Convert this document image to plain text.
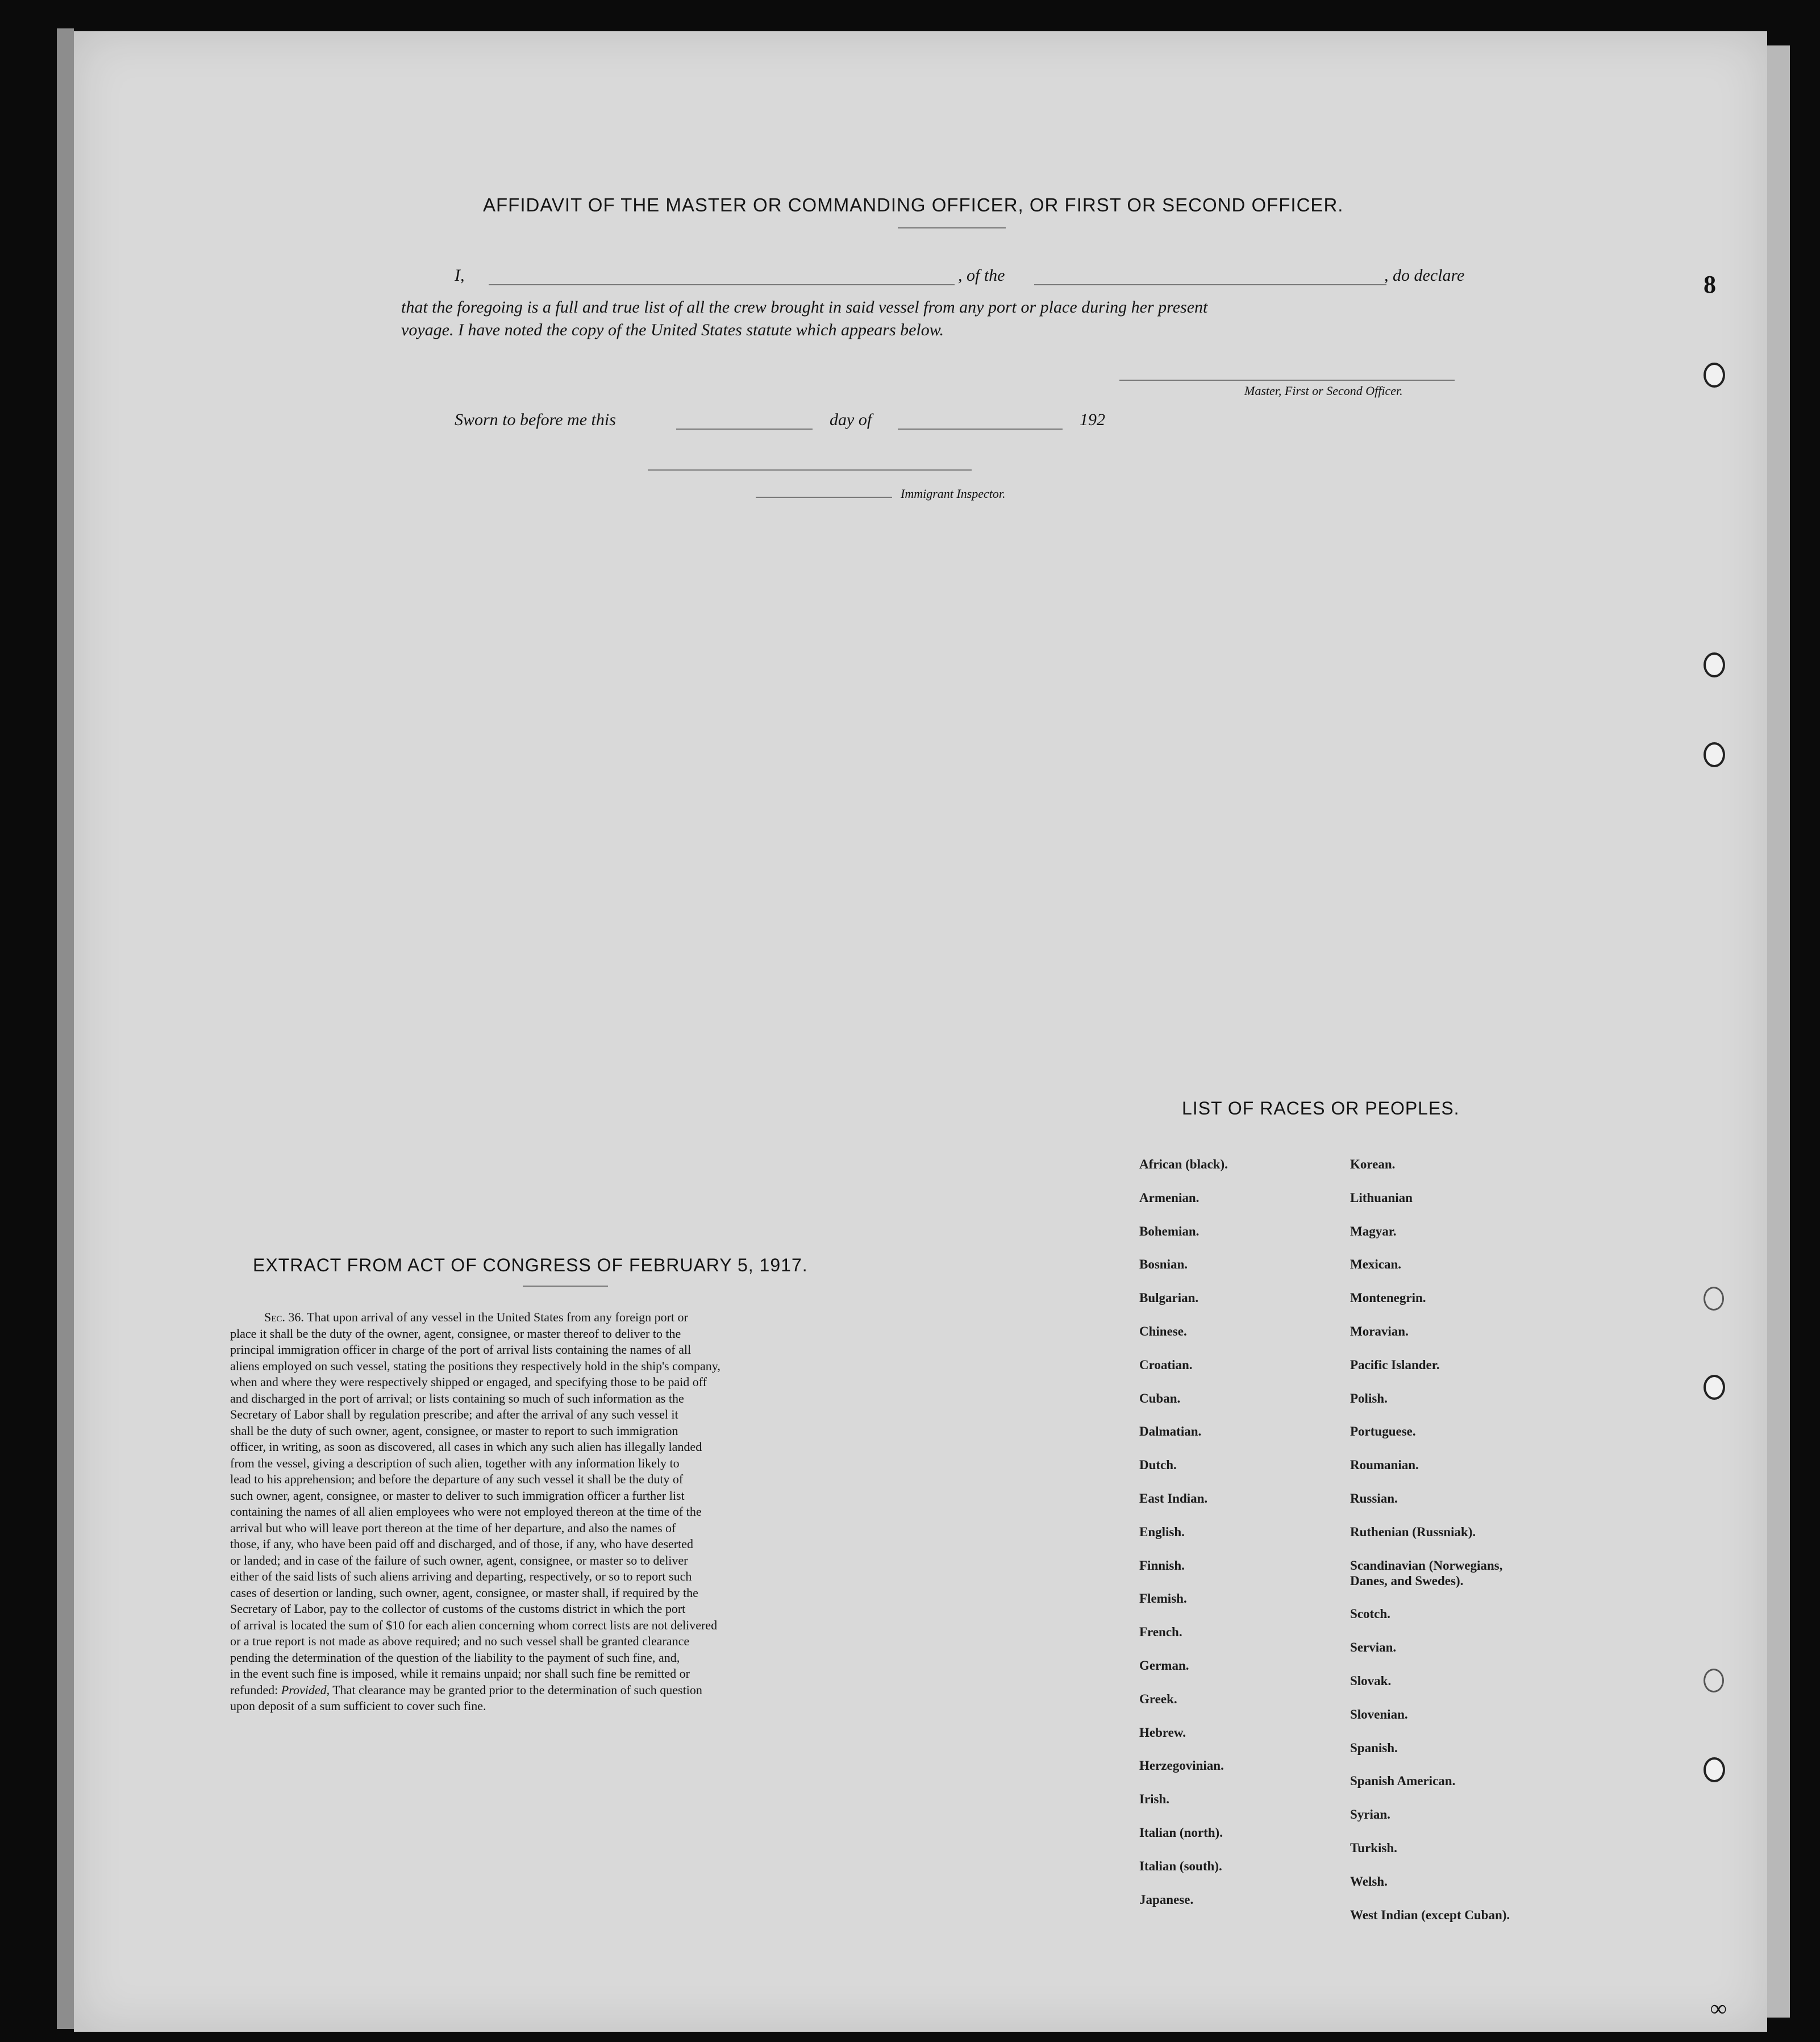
AFFIDAVIT OF THE MASTER OR COMMANDING OFFICER, OR FIRST OR SECOND OFFICER.
I,	, of the	, do declare
that the foregoing is a full and true list of all the crew brought in said vessel from any port or place during her present
voyage. I have noted the copy of the United States statute which appears below.
Master, First or Second Officer.
Sworn to before me this	day of	192
Immigrant Inspector.
EXTRACT FROM ACT OF CONGRESS OF FEBRUARY 5, 1917.
Sec. 36. That upon arrival of any vessel in the United States from any foreign port or
place it shall be the duty of the owner, agent, consignee, or master thereof to deliver to the
principal immigration officer in charge of the port of arrival lists containing the names of all
aliens employed on such vessel, stating the positions they respectively hold in the ship's company,
when and where they were respectively shipped or engaged, and specifying those to be paid off
and discharged in the port of arrival; or lists containing so much of such information as the
Secretary of Labor shall by regulation prescribe; and after the arrival of any such vessel it
shall be the duty of such owner, agent, consignee, or master to report to such immigration
officer, in writing, as soon as discovered, all cases in which any such alien has illegally landed
from the vessel, giving a description of such alien, together with any information likely to
lead to his apprehension; and before the departure of any such vessel it shall be the duty of
such owner, agent, consignee, or master to deliver to such immigration officer a further list
containing the names of all alien employees who were not employed thereon at the time of the
arrival but who will leave port thereon at the time of her departure, and also the names of
those, if any, who have been paid off and discharged, and of those, if any, who have deserted
or landed; and in case of the failure of such owner, agent, consignee, or master so to deliver
either of the said lists of such aliens arriving and departing, respectively, or so to report such
cases of desertion or landing, such owner, agent, consignee, or master shall, if required by the
Secretary of Labor, pay to the collector of customs of the customs district in which the port
of arrival is located the sum of $10 for each alien concerning whom correct lists are not delivered
or a true report is not made as above required; and no such vessel shall be granted clearance
pending the determination of the question of the liability to the payment of such fine, and,
in the event such fine is imposed, while it remains unpaid; nor shall such fine be remitted or
refunded: Provided, That clearance may be granted prior to the determination of such question
upon deposit of a sum sufficient to cover such fine.
LIST OF RACES OR PEOPLES.
African (black).
Armenian.
Bohemian.
Bosnian.
Bulgarian.
Chinese.
Croatian.
Cuban.
Dalmatian.
Dutch.
East Indian.
English.
Finnish.
Flemish.
French.
German.
Greek.
Hebrew.
Herzegovinian.
Irish.
Italian (north).
Italian (south).
Japanese.
Korean.
Lithuanian
Magyar.
Mexican.
Montenegrin.
Moravian.
Pacific Islander.
Polish.
Portuguese.
Roumanian.
Russian.
Ruthenian (Russniak).
Scandinavian (Norwegians,
Danes, and Swedes).
Scotch.
Servian.
Slovak.
Slovenian.
Spanish.
Spanish American.
Syrian.
Turkish.
Welsh.
West Indian (except Cuban).
8
∞
